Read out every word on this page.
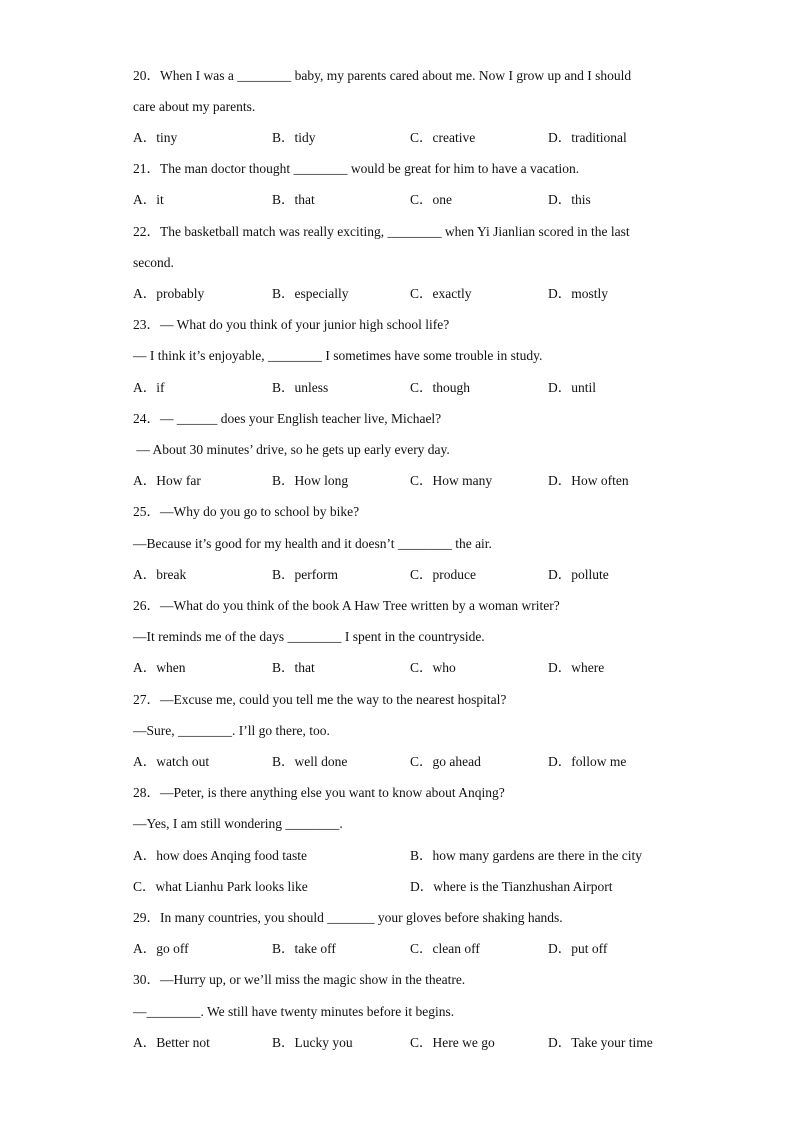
20．When I was a ________ baby, my parents cared about me. Now I grow up and I should
care about my parents.
A．tiny	B．tidy	C．creative	D．traditional
21．The man doctor thought ________ would be great for him to have a vacation.
A．it	B．that	C．one	D．this
22．The basketball match was really exciting, ________ when Yi Jianlian scored in the last
second.
A．probably	B．especially	C．exactly	D．mostly
23．— What do you think of your junior high school life?
— I think it’s enjoyable, ________ I sometimes have some trouble in study.
A．if	B．unless	C．though	D．until
24．— ______ does your English teacher live, Michael?
— About 30 minutes’ drive, so he gets up early every day.
A．How far	B．How long	C．How many	D．How often
25．—Why do you go to school by bike?
—Because it’s good for my health and it doesn’t ________ the air.
A．break	B．perform	C．produce	D．pollute
26．—What do you think of the book A Haw Tree written by a woman writer?
—It reminds me of the days ________ I spent in the countryside.
A．when	B．that	C．who	D．where
27．—Excuse me, could you tell me the way to the nearest hospital?
—Sure, ________. I’ll go there, too.
A．watch out	B．well done	C．go ahead	D．follow me
28．—Peter, is there anything else you want to know about Anqing?
—Yes, I am still wondering ________.
A．how does Anqing food taste	B．how many gardens are there in the city
C．what Lianhu Park looks like	D．where is the Tianzhushan Airport
29．In many countries, you should _______ your gloves before shaking hands.
A．go off	B．take off	C．clean off	D．put off
30．—Hurry up, or we’ll miss the magic show in the theatre.
—________. We still have twenty minutes before it begins.
A．Better not	B．Lucky you	C．Here we go	D．Take your time
